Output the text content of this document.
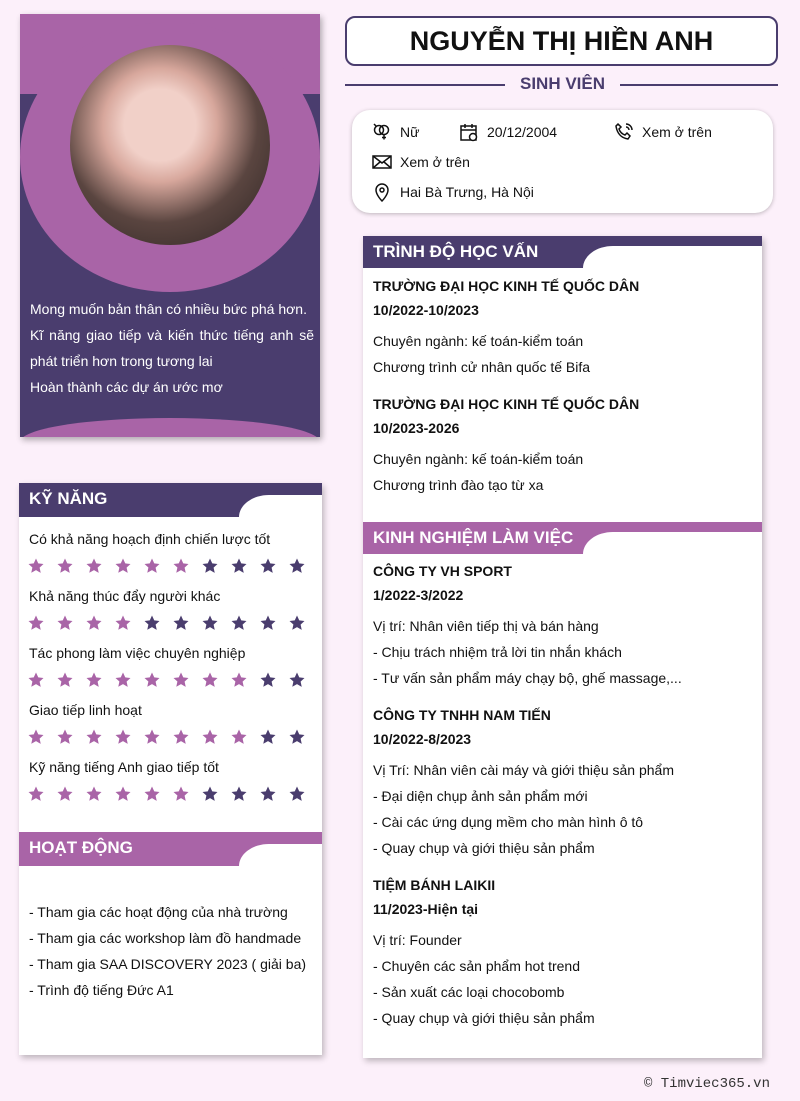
Mong muốn bản thân có nhiều bức phá hơn.
Kĩ năng giao tiếp và kiến thức tiếng anh sẽ phát triển hơn trong tương lai
Hoàn thành các dự án ước mơ
NGUYỄN THỊ HIỀN ANH
SINH VIÊN
Nữ	20/12/2004	Xem ở trên
Xem ở trên
Hai Bà Trưng, Hà Nội
KỸ NĂNG
Có khả năng hoạch định chiến lược tốt
Khả năng thúc đẩy người khác
Tác phong làm việc chuyên nghiệp
Giao tiếp linh hoạt
Kỹ năng tiếng Anh giao tiếp tốt
HOẠT ĐỘNG
- Tham gia các hoạt động của nhà trường
- Tham gia các workshop làm đồ handmade
- Tham gia SAA DISCOVERY 2023 ( giải ba)
- Trình độ tiếng Đức A1
TRÌNH ĐỘ HỌC VẤN
TRƯỜNG ĐẠI HỌC KINH TẾ QUỐC DÂN
10/2022-10/2023
Chuyên ngành: kế toán-kiểm toán
Chương trình cử nhân quốc tế Bifa
TRƯỜNG ĐẠI HỌC KINH TẾ QUỐC DÂN
10/2023-2026
Chuyên ngành: kế toán-kiểm toán
Chương trình đào tạo từ xa
KINH NGHIỆM LÀM VIỆC
CÔNG TY VH SPORT
1/2022-3/2022
Vị trí: Nhân viên tiếp thị và bán hàng
- Chịu trách nhiệm trả lời tin nhắn khách
- Tư vấn sản phẩm máy chạy bộ, ghế massage,...
CÔNG TY TNHH NAM TIẾN
10/2022-8/2023
Vị Trí: Nhân viên cài máy và giới thiệu sản phẩm
- Đại diện chụp ảnh sản phẩm mới
- Cài các ứng dụng mềm cho màn hình ô tô
- Quay chụp và giới thiệu sản phẩm
TIỆM BÁNH LAIKII
11/2023-Hiện tại
Vị trí: Founder
- Chuyên các sản phẩm hot trend
- Sản xuất các loại chocobomb
- Quay chụp và giới thiệu sản phẩm
© Timviec365.vn
